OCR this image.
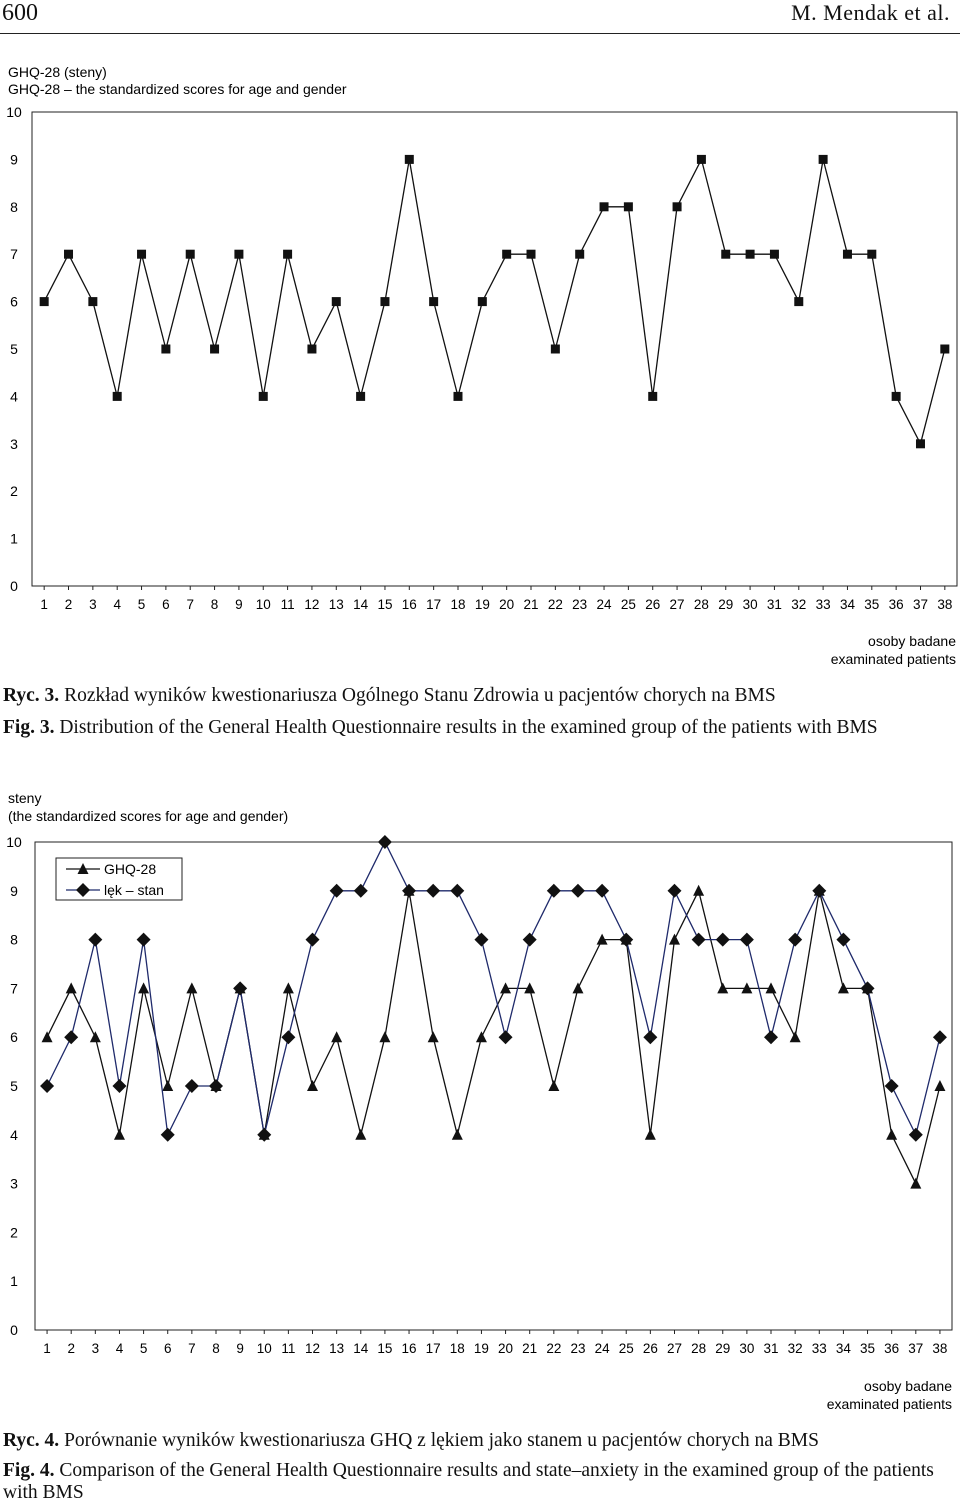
600	M. Mendak et al.
GHQ-28 (steny)
GHQ-28 – the standardized scores for age and gender
0
1
2
3
4
5
6
7
8
9
10
1 2 3 4 5 6 7 8 9 10 11 12 13 14 15 16 17 18 19 20 21 22 23 24 25 26 27 28 29 30 31 32 33 34 35 36 37 38
osoby badane
examinated patients
Ryc. 3. Rozkład wyników kwestionariusza Ogólnego Stanu Zdrowia u pacjentów chorych na BMS
Fig. 3. Distribution of the General Health Questionnaire results in the examined group of the patients with BMS
steny
(the standardized scores for age and gender)
0
1
2
3
4
5
6
7
8
9
10
1 2 3 4 5 6 7 8 9 10 11 12 13 14 15 16 17 18 19 20 21 22 23 24 25 26 27 28 29 30 31 32 33 34 35 36 37 38
GHQ-28
lęk – stan
osoby badane
examinated patients
Ryc. 4. Porównanie wyników kwestionariusza GHQ z lękiem jako stanem u pacjentów chorych na BMS
Fig. 4. Comparison of the General Health Questionnaire results and state–anxiety in the examined group of the patients with BMS
